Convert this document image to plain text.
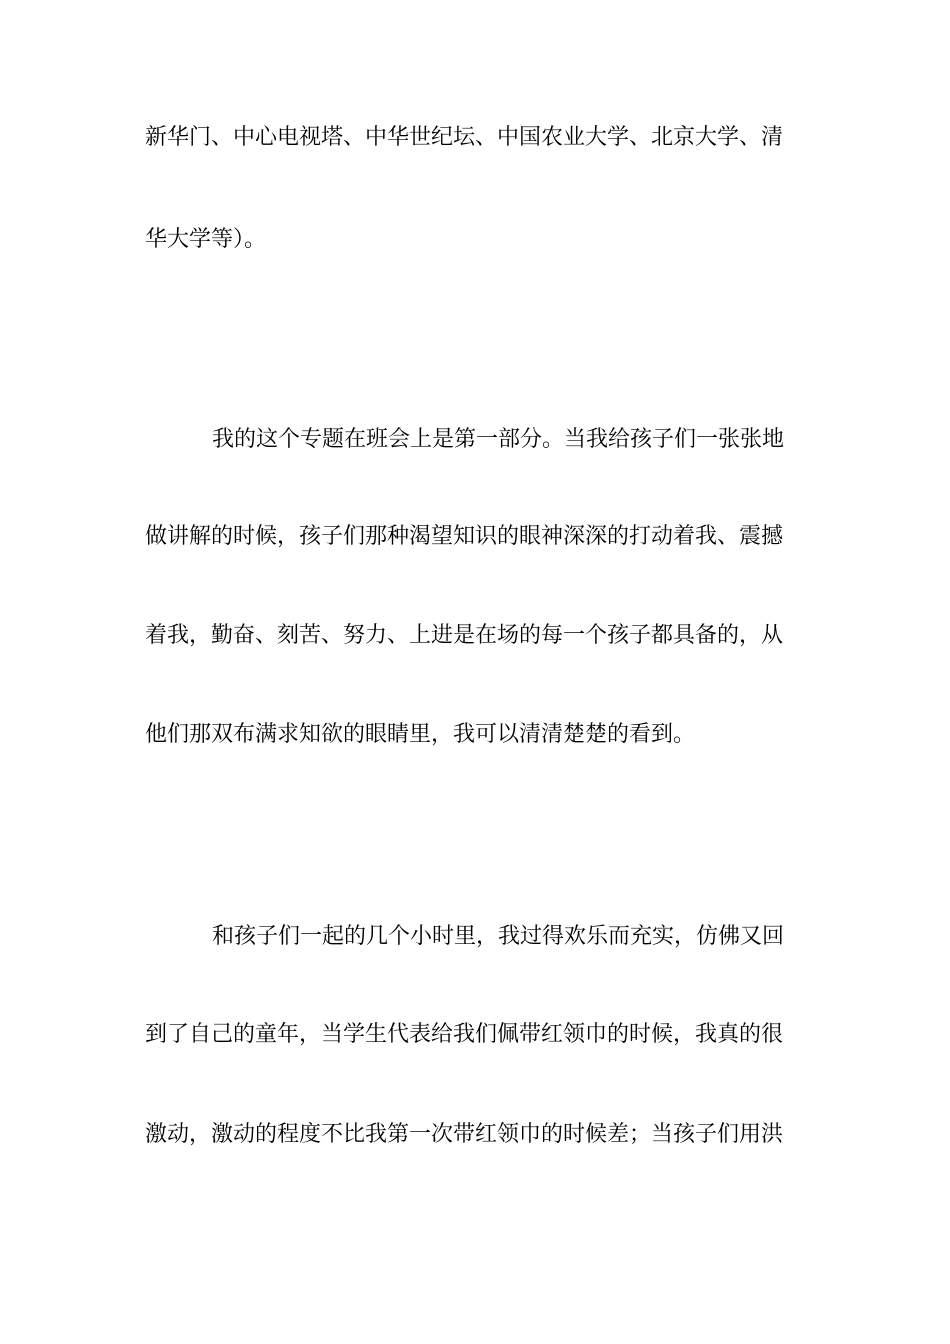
新华门、中心电视塔、中华世纪坛、中国农业大学、北京大学、清
华大学等）。
我的这个专题在班会上是第一部分。当我给孩子们一张张地
做讲解的时候，孩子们那种渴望知识的眼神深深的打动着我、震撼
着我，勤奋、刻苦、努力、上进是在场的每一个孩子都具备的，从
他们那双布满求知欲的眼睛里，我可以清清楚楚的看到。
和孩子们一起的几个小时里，我过得欢乐而充实，仿佛又回
到了自己的童年，当学生代表给我们佩带红领巾的时候，我真的很
激动，激动的程度不比我第一次带红领巾的时候差；当孩子们用洪
